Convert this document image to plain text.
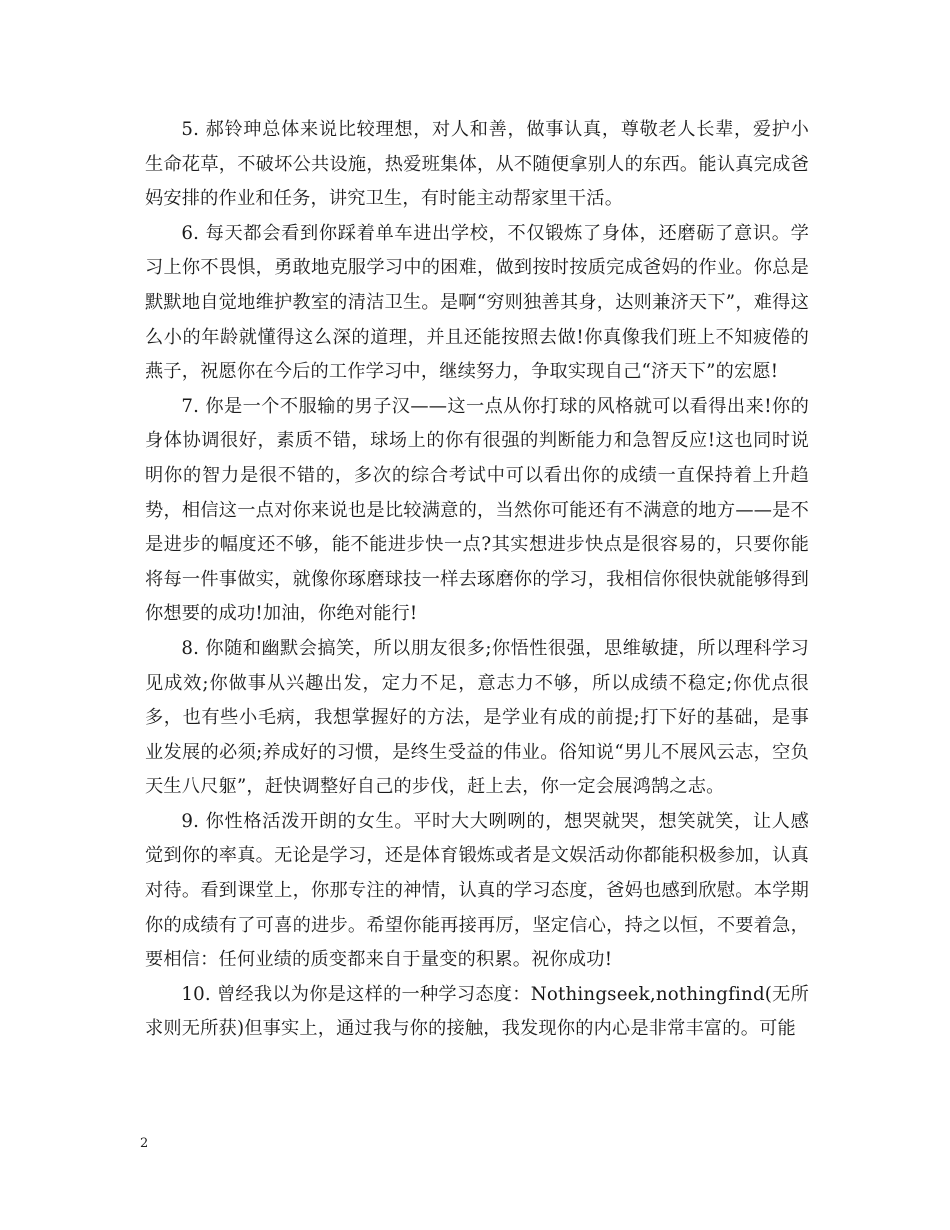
5. 郝铃珅总体来说比较理想，对人和善，做事认真，尊敬老人长辈，爱护小生命花草，不破坏公共设施，热爱班集体，从不随便拿别人的东西。能认真完成爸妈安排的作业和任务，讲究卫生，有时能主动帮家里干活。

6. 每天都会看到你踩着单车进出学校，不仅锻炼了身体，还磨砺了意识。学习上你不畏惧，勇敢地克服学习中的困难，做到按时按质完成爸妈的作业。你总是默默地自觉地维护教室的清洁卫生。是啊“穷则独善其身，达则兼济天下”，难得这么小的年龄就懂得这么深的道理，并且还能按照去做!你真像我们班上不知疲倦的燕子，祝愿你在今后的工作学习中，继续努力，争取实现自己“济天下”的宏愿!

7. 你是一个不服输的男子汉——这一点从你打球的风格就可以看得出来!你的身体协调很好，素质不错，球场上的你有很强的判断能力和急智反应!这也同时说明你的智力是很不错的，多次的综合考试中可以看出你的成绩一直保持着上升趋势，相信这一点对你来说也是比较满意的，当然你可能还有不满意的地方——是不是进步的幅度还不够，能不能进步快一点?其实想进步快点是很容易的，只要你能将每一件事做实，就像你琢磨球技一样去琢磨你的学习，我相信你很快就能够得到你想要的成功!加油，你绝对能行!

8. 你随和幽默会搞笑，所以朋友很多;你悟性很强，思维敏捷，所以理科学习见成效;你做事从兴趣出发，定力不足，意志力不够，所以成绩不稳定;你优点很多，也有些小毛病，我想掌握好的方法，是学业有成的前提;打下好的基础，是事业发展的必须;养成好的习惯，是终生受益的伟业。俗知说“男儿不展风云志，空负天生八尺躯”，赶快调整好自己的步伐，赶上去，你一定会展鸿鹄之志。

9. 你性格活泼开朗的女生。平时大大咧咧的，想哭就哭，想笑就笑，让人感觉到你的率真。无论是学习，还是体育锻炼或者是文娱活动你都能积极参加，认真对待。看到课堂上，你那专注的神情，认真的学习态度，爸妈也感到欣慰。本学期你的成绩有了可喜的进步。希望你能再接再厉，坚定信心，持之以恒，不要着急，要相信：任何业绩的质变都来自于量变的积累。祝你成功!

10. 曾经我以为你是这样的一种学习态度：Nothingseek,nothingfind(无所求则无所获)但事实上，通过我与你的接触，我发现你的内心是非常丰富的。可能

2
